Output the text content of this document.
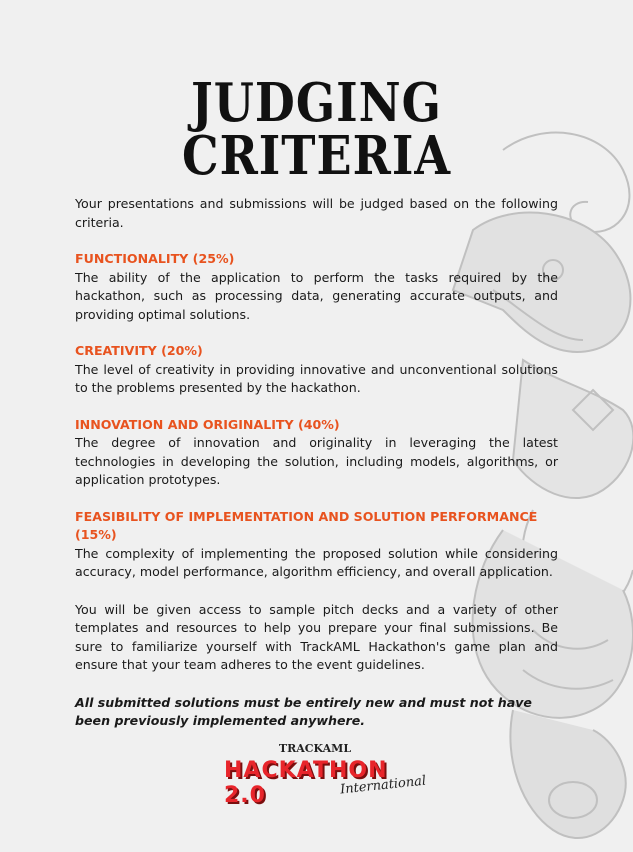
JUDGING CRITERIA

Your presentations and submissions will be judged based on the following criteria.

FUNCTIONALITY (25%)

The ability of the application to perform the tasks required by the hackathon, such as processing data, generating accurate outputs, and providing optimal solutions.

CREATIVITY (20%)

The level of creativity in providing innovative and unconventional solutions to the problems presented by the hackathon.

INNOVATION AND ORIGINALITY (40%)

The degree of innovation and originality in leveraging the latest technologies in developing the solution, including models, algorithms, or application prototypes.

FEASIBILITY OF IMPLEMENTATION AND SOLUTION PERFORMANCE (15%)

The complexity of implementing the proposed solution while considering accuracy, model performance, algorithm efficiency, and overall application.

You will be given access to sample pitch decks and a variety of other templates and resources to help you prepare your final submissions. Be sure to familiarize yourself with TrackAML Hackathon's game plan and ensure that your team adheres to the event guidelines.

All submitted solutions must be entirely new and must not have been previously implemented anywhere.

TRACKAML
HACKATHON 2.0	International
